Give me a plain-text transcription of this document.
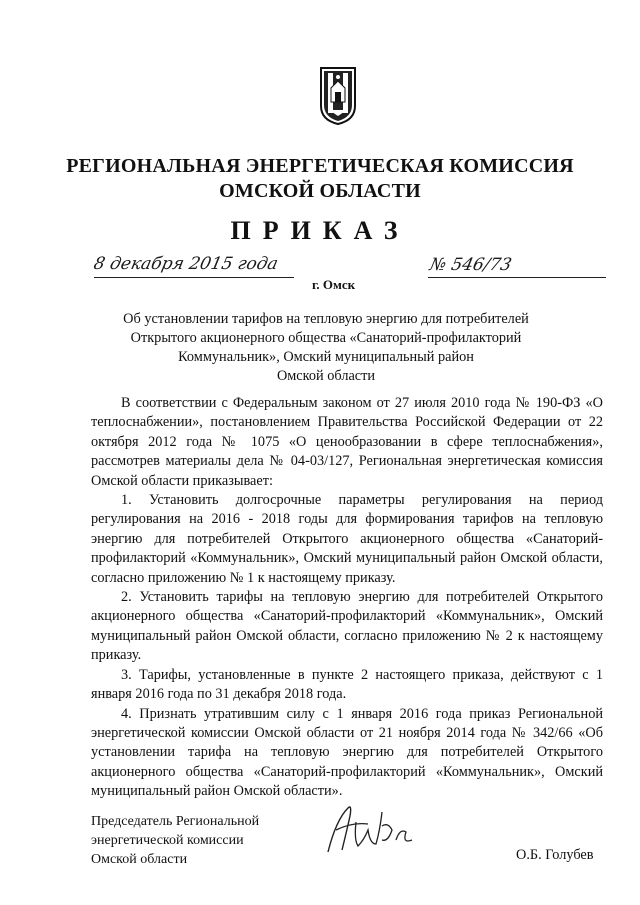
РЕГИОНАЛЬНАЯ ЭНЕРГЕТИЧЕСКАЯ КОМИССИЯ
ОМСКОЙ ОБЛАСТИ
ПРИКАЗ
8 декабря 2015 года
г. Омск
№ 546/73
Об установлении тарифов на тепловую энергию для потребителей
Открытого акционерного общества «Санаторий-профилакторий
Коммунальник», Омский муниципальный район
Омской области

В соответствии с Федеральным законом от 27 июля 2010 года № 190-ФЗ «О теплоснабжении», постановлением Правительства Российской Федерации от 22 октября 2012 года № 1075 «О ценообразовании в сфере теплоснабжения», рассмотрев материалы дела № 04-03/127, Региональная энергетическая комиссия Омской области приказывает:

1. Установить долгосрочные параметры регулирования на период регулирования на 2016 - 2018 годы для формирования тарифов на тепловую энергию для потребителей Открытого акционерного общества «Санаторий-профилакторий «Коммунальник», Омский муниципальный район Омской области, согласно приложению № 1 к настоящему приказу.

2. Установить тарифы на тепловую энергию для потребителей Открытого акционерного общества «Санаторий-профилакторий «Коммунальник», Омский муниципальный район Омской области, согласно приложению № 2 к настоящему приказу.

3. Тарифы, установленные в пункте 2 настоящего приказа, действуют с 1 января 2016 года по 31 декабря 2018 года.

4. Признать утратившим силу с 1 января 2016 года приказ Региональной энергетической комиссии Омской области от 21 ноября 2014 года № 342/66 «Об установлении тарифа на тепловую энергию для потребителей Открытого акционерного общества «Санаторий-профилакторий «Коммунальник», Омский муниципальный район Омской области».

Председатель Региональной
энергетической комиссии
Омской области	О.Б. Голубев
